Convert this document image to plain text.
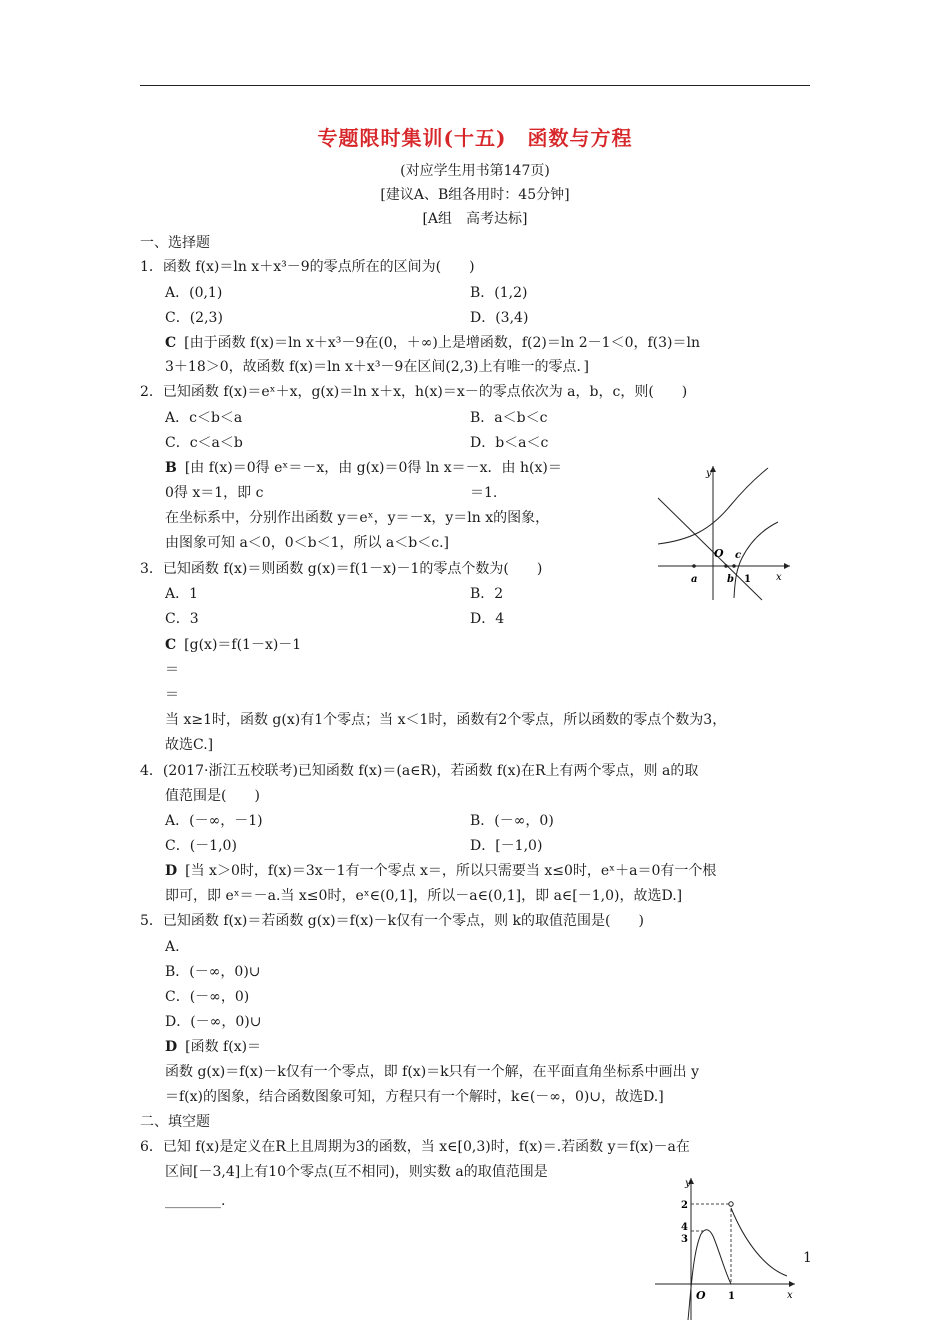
专题限时集训(十五)　函数与方程
(对应学生用书第147页)
[建议A、B组各用时：45分钟]
[A组　高考达标]
一、选择题
1．函数 f(x)＝ln x＋x³－9的零点所在的区间为(　　)
A．(0,1)	B．(1,2)
C．(2,3)	D．(3,4)
C [由于函数 f(x)＝ln x＋x³－9在(0，＋∞)上是增函数，f(2)＝ln 2－1＜0，f(3)＝ln
3＋18＞0，故函数 f(x)＝ln x＋x³－9在区间(2,3)上有唯一的零点．]
2．已知函数 f(x)＝eˣ＋x，g(x)＝ln x＋x，h(x)＝x－的零点依次为 a，b，c，则(　　)
A．c＜b＜a	B．a＜b＜c
C．c＜a＜b	D．b＜a＜c
B [由 f(x)＝0得 eˣ＝－x，由 g(x)＝0得 ln x＝－x．由 h(x)＝
0得 x＝1，即 c	＝1.
在坐标系中，分别作出函数 y＝eˣ，y＝－x，y＝ln x的图象，
由图象可知 a＜0，0＜b＜1，所以 a＜b＜c.]
y
x
O
a	b
c
1
3．已知函数 f(x)＝则函数 g(x)＝f(1－x)－1的零点个数为(　　)
A．1	B．2
C．3	D．4
C [g(x)＝f(1－x)－1
＝
＝
当 x≥1时，函数 g(x)有1个零点；当 x＜1时，函数有2个零点，所以函数的零点个数为3，
故选C.]
4．(2017·浙江五校联考)已知函数 f(x)＝(a∈R)，若函数 f(x)在R上有两个零点，则 a的取
值范围是(　　)
A．(－∞，－1)	B．(－∞，0)
C．(－1,0)	D．[－1,0)
D [当 x＞0时，f(x)＝3x－1有一个零点 x＝，所以只需要当 x≤0时，eˣ＋a＝0有一个根
即可，即 eˣ＝－a.当 x≤0时，eˣ∈(0,1]，所以－a∈(0,1]，即 a∈[－1,0)，故选D.]
5．已知函数 f(x)＝若函数 g(x)＝f(x)－k仅有一个零点，则 k的取值范围是(　　)
A.
B．(－∞，0)∪
C．(－∞，0)
D．(－∞，0)∪
D [函数 f(x)＝
函数 g(x)＝f(x)－k仅有一个零点，即 f(x)＝k只有一个解，在平面直角坐标系中画出 y
＝f(x)的图象，结合函数图象可知，方程只有一个解时，k∈(－∞，0)∪，故选D.]
二、填空题
6．已知 f(x)是定义在R上且周期为3的函数，当 x∈[0,3)时，f(x)＝.若函数 y＝f(x)－a在
区间[－3,4]上有10个零点(互不相同)，则实数 a的取值范围是
________.
y
x
O 1
2
4
3
1
